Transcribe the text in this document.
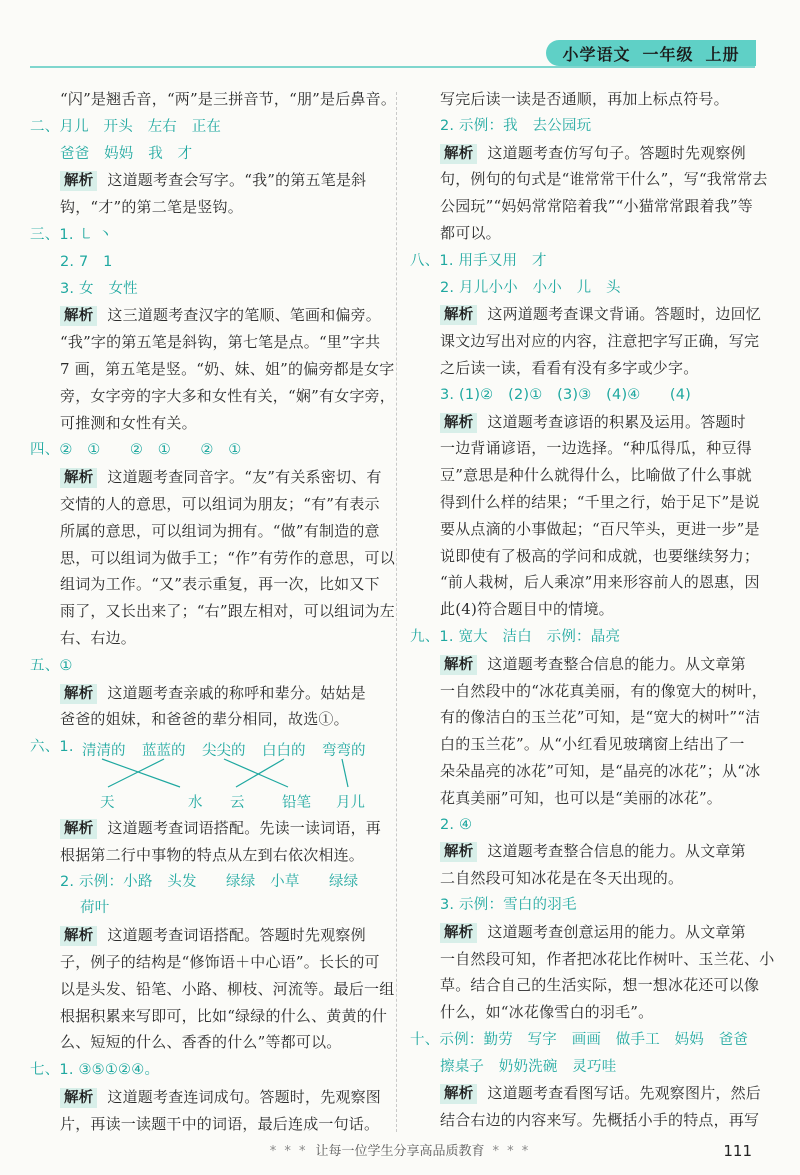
小学语文 一年级 上册
“闪”是翘舌音，“两”是三拼音节，“朋”是后鼻音。
二、月儿　开头　左右　正在
爸爸　妈妈　我　才
解析 这道题考查会写字。“我”的第五笔是斜
钩，“才”的第二笔是竖钩。
三、1. ㇄ 丶
2. 7　1
3. 女　女性
解析 这三道题考查汉字的笔顺、笔画和偏旁。
“我”字的第五笔是斜钩，第七笔是点。“里”字共
7 画，第五笔是竖。“奶、妹、姐”的偏旁都是女字
旁，女字旁的字大多和女性有关，“娴”有女字旁，
可推测和女性有关。
四、②　①　　②　①　　②　①
解析 这道题考查同音字。“友”有关系密切、有
交情的人的意思，可以组词为朋友；“有”有表示
所属的意思，可以组词为拥有。“做”有制造的意
思，可以组词为做手工；“作”有劳作的意思，可以
组词为工作。“又”表示重复，再一次，比如又下
雨了，又长出来了；“右”跟左相对，可以组词为左
右、右边。
五、①
解析 这道题考查亲戚的称呼和辈分。姑姑是
爸爸的姐妹，和爸爸的辈分相同，故选①。
六、1. 清清的 蓝蓝的 尖尖的 白白的 弯弯的
天	水 云	铅笔 月儿
解析 这道题考查词语搭配。先读一读词语，再
根据第二行中事物的特点从左到右依次相连。
2. 示例：小路　头发　　绿绿　小草　　绿绿
荷叶
解析 这道题考查词语搭配。答题时先观察例
子，例子的结构是“修饰语＋中心语”。长长的可
以是头发、铅笔、小路、柳枝、河流等。最后一组
根据积累来写即可，比如“绿绿的什么、黄黄的什
么、短短的什么、香香的什么”等都可以。
七、1. ③⑤①②④。
解析 这道题考查连词成句。答题时，先观察图
片，再读一读题干中的词语，最后连成一句话。
写完后读一读是否通顺，再加上标点符号。
2. 示例：我　去公园玩
解析 这道题考查仿写句子。答题时先观察例
句，例句的句式是“谁常常干什么”，写“我常常去
公园玩”“妈妈常常陪着我”“小猫常常跟着我”等
都可以。
八、1. 用手又用　才
2. 月儿小小　小小　儿　头
解析 这两道题考查课文背诵。答题时，边回忆
课文边写出对应的内容，注意把字写正确，写完
之后读一读，看看有没有多字或少字。
3. (1)②　(2)①　(3)③　(4)④　　(4)
解析 这道题考查谚语的积累及运用。答题时
一边背诵谚语，一边选择。“种瓜得瓜，种豆得
豆”意思是种什么就得什么，比喻做了什么事就
得到什么样的结果；“千里之行，始于足下”是说
要从点滴的小事做起；“百尺竿头，更进一步”是
说即使有了极高的学问和成就，也要继续努力；
“前人栽树，后人乘凉”用来形容前人的恩惠，因
此(4)符合题目中的情境。
九、1. 宽大　洁白　示例：晶亮
解析 这道题考查整合信息的能力。从文章第
一自然段中的“冰花真美丽，有的像宽大的树叶，
有的像洁白的玉兰花”可知，是“宽大的树叶”“洁
白的玉兰花”。从“小红看见玻璃窗上结出了一
朵朵晶亮的冰花”可知，是“晶亮的冰花”；从“冰
花真美丽”可知，也可以是“美丽的冰花”。
2. ④
解析 这道题考查整合信息的能力。从文章第
二自然段可知冰花是在冬天出现的。
3. 示例：雪白的羽毛
解析 这道题考查创意运用的能力。从文章第
一自然段可知，作者把冰花比作树叶、玉兰花、小
草。结合自己的生活实际，想一想冰花还可以像
什么，如“冰花像雪白的羽毛”。
十、示例：勤劳　写字　画画　做手工　妈妈　爸爸
擦桌子　奶奶洗碗　灵巧哇
解析 这道题考查看图写话。先观察图片，然后
结合右边的内容来写。先概括小手的特点，再写
* * * 让每一位学生分享高品质教育 * * *	111
